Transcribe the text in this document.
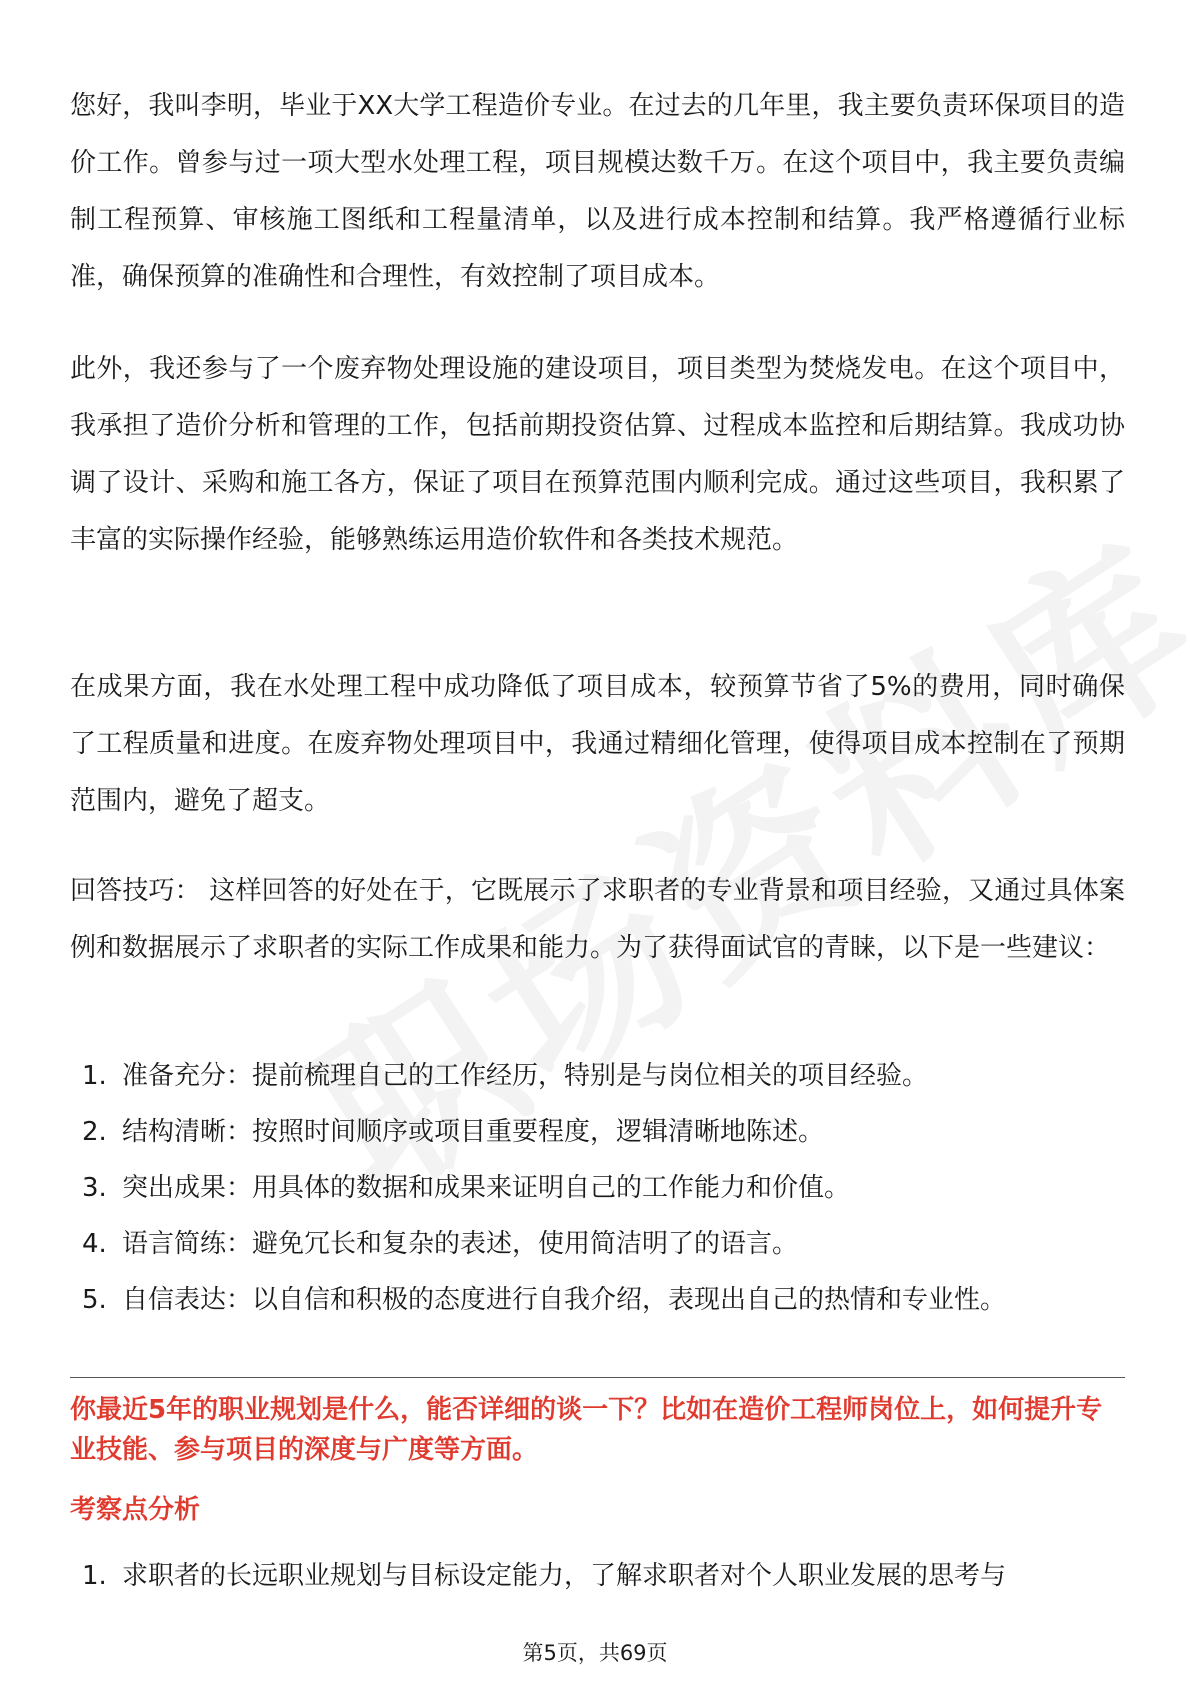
您好，我叫李明，毕业于XX大学工程造价专业。在过去的几年里，我主要负责环保项目的造价工作。曾参与过一项大型水处理工程，项目规模达数千万。在这个项目中，我主要负责编制工程预算、审核施工图纸和工程量清单，以及进行成本控制和结算。我严格遵循行业标准，确保预算的准确性和合理性，有效控制了项目成本。

此外，我还参与了一个废弃物处理设施的建设项目，项目类型为焚烧发电。在这个项目中，我承担了造价分析和管理的工作，包括前期投资估算、过程成本监控和后期结算。我成功协调了设计、采购和施工各方，保证了项目在预算范围内顺利完成。通过这些项目，我积累了丰富的实际操作经验，能够熟练运用造价软件和各类技术规范。

在成果方面，我在水处理工程中成功降低了项目成本，较预算节省了5%的费用，同时确保了工程质量和进度。在废弃物处理项目中，我通过精细化管理，使得项目成本控制在了预期范围内，避免了超支。

回答技巧： 这样回答的好处在于，它既展示了求职者的专业背景和项目经验，又通过具体案例和数据展示了求职者的实际工作成果和能力。为了获得面试官的青睐，以下是一些建议：

1. 准备充分：提前梳理自己的工作经历，特别是与岗位相关的项目经验。
2. 结构清晰：按照时间顺序或项目重要程度，逻辑清晰地陈述。
3. 突出成果：用具体的数据和成果来证明自己的工作能力和价值。
4. 语言简练：避免冗长和复杂的表述，使用简洁明了的语言。
5. 自信表达：以自信和积极的态度进行自我介绍，表现出自己的热情和专业性。
你最近5年的职业规划是什么，能否详细的谈一下？比如在造价工程师岗位上，如何提升专业技能、参与项目的深度与广度等方面。
考察点分析
1. 求职者的长远职业规划与目标设定能力，了解求职者对个人职业发展的思考与
第5页，共69页
